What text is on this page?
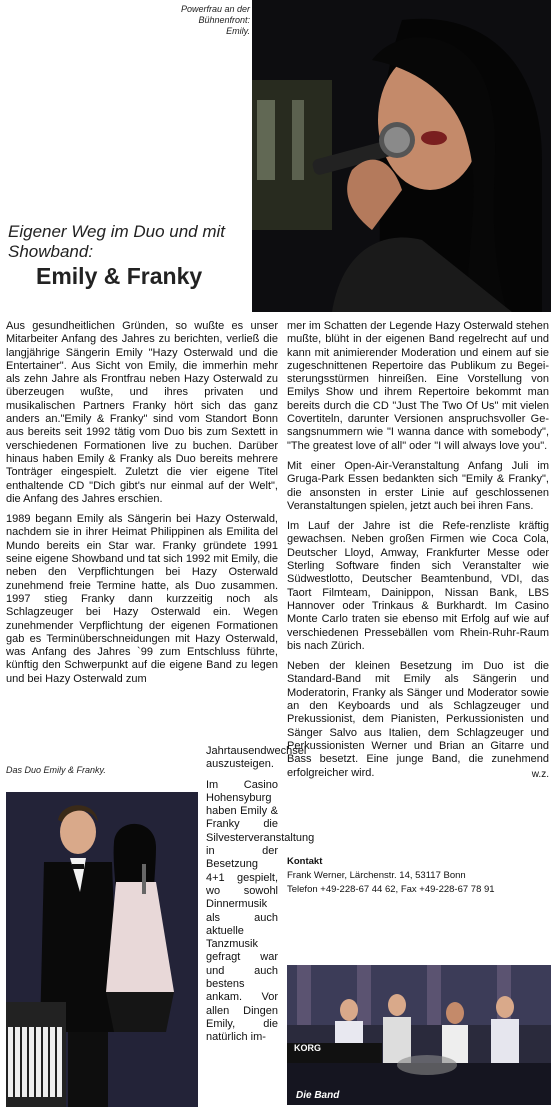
Powerfrau an der Bühnenfront: Emily.
Eigener Weg im Duo und mit Showband:
Emily & Franky

Aus gesundheitlichen Gründen, so wußte es unser Mitarbeiter Anfang des Jahres zu berichten, verließ die langjährige Sängerin Emily "Hazy Osterwald und die Entertainer". Aus Sicht von Emily, die immerhin mehr als zehn Jahre als Frontfrau neben Hazy Osterwald zu überzeugen wußte, und ihres privaten und musikalischen Partners Franky hört sich das ganz anders an."Emily & Franky" sind vom Standort Bonn aus bereits seit 1992 tätig vom Duo bis zum Sextett in verschiedenen Formationen live zu buchen. Darüber hinaus haben Emily & Franky als Duo bereits mehrere Tonträger eingespielt. Zuletzt die vier eigene Titel enthaltende CD "Dich gibt's nur einmal auf der Welt", die Anfang des Jahres erschien.

1989 begann Emily als Sängerin bei Hazy Osterwald, nachdem sie in ihrer Heimat Philippinen als Emilita del Mundo bereits ein Star war. Franky gründete 1991 seine eigene Showband und tat sich 1992 mit Emily, die neben den Verpflichtungen bei Hazy Osterwald zunehmend freie Termine hatte, als Duo zusammen. 1997 stieg Franky dann kurzzeitig noch als Schlagzeuger bei Hazy Osterwald ein. Wegen zunehmender Verpflichtung der eigenen Formationen gab es Terminüberschneidungen mit Hazy Osterwald, was Anfang des Jahres `99 zum Entschluss führte, künftig den Schwerpunkt auf die eigene Band zu legen und bei Hazy Osterwald zum

Das Duo Emily & Franky.

Jahrtausendwechsel auszusteigen.

Im Casino Hohensyburg haben Emily & Franky die Silvesterveranstaltung in der Besetzung 4+1 gespielt, wo sowohl Dinnermusik als auch aktuelle Tanzmusik gefragt war und auch bestens ankam. Vor allen Dingen Emily, die natürlich im-

mer im Schatten der Legende Hazy Osterwald stehen mußte, blüht in der eigenen Band regelrecht auf und kann mit animierender Moderation und einem auf sie zugeschnittenen Repertoire das Publikum zu Begei-sterungsstürmen hinreißen. Eine Vorstellung von Emilys Show und ihrem Repertoire bekommt man bereits durch die CD "Just The Two Of Us" mit vielen Covertiteln, darunter Versionen anspruchsvoller Ge-sangsnummern wie "I wanna dance with somebody", "The greatest love of all" oder "I will always love you".

Mit einer Open-Air-Veranstaltung Anfang Juli im Gruga-Park Essen bedankten sich "Emily & Franky", die ansonsten in erster Linie auf geschlossenen Veranstaltungen spielen, jetzt auch bei ihren Fans.

Im Lauf der Jahre ist die Refe-renzliste kräftig gewachsen. Neben großen Firmen wie Coca Cola, Deutscher Lloyd, Amway, Frankfurter Messe oder Sterling Software finden sich Veranstalter wie Südwestlotto, Deutscher Beamtenbund, VDI, das Taort Filmteam, Dainippon, Nissan Bank, LBS Hannover oder Trinkaus & Burkhardt. Im Casino Monte Carlo traten sie ebenso mit Erfolg auf wie auf verschiedenen Pressebällen vom Rhein-Ruhr-Raum bis nach Zürich.

Neben der kleinen Besetzung im Duo ist die Standard-Band mit Emily als Sängerin und Moderatorin, Franky als Sänger und Moderator sowie an den Keyboards und als Schlagzeuger und Prekussionist, dem Pianisten, Perkussionisten und Sänger Salvo aus Italien, dem Schlagzeuger und Perkussionisten Werner und Brian an Gitarre und Bass besetzt. Eine junge Band, die zunehmend erfolgreicher wird.	w.z.
Kontakt
Frank Werner, Lärchenstr. 14, 53117 Bonn
Telefon +49-228-67 44 62, Fax +49-228-67 78 91
KORG
Die Band
